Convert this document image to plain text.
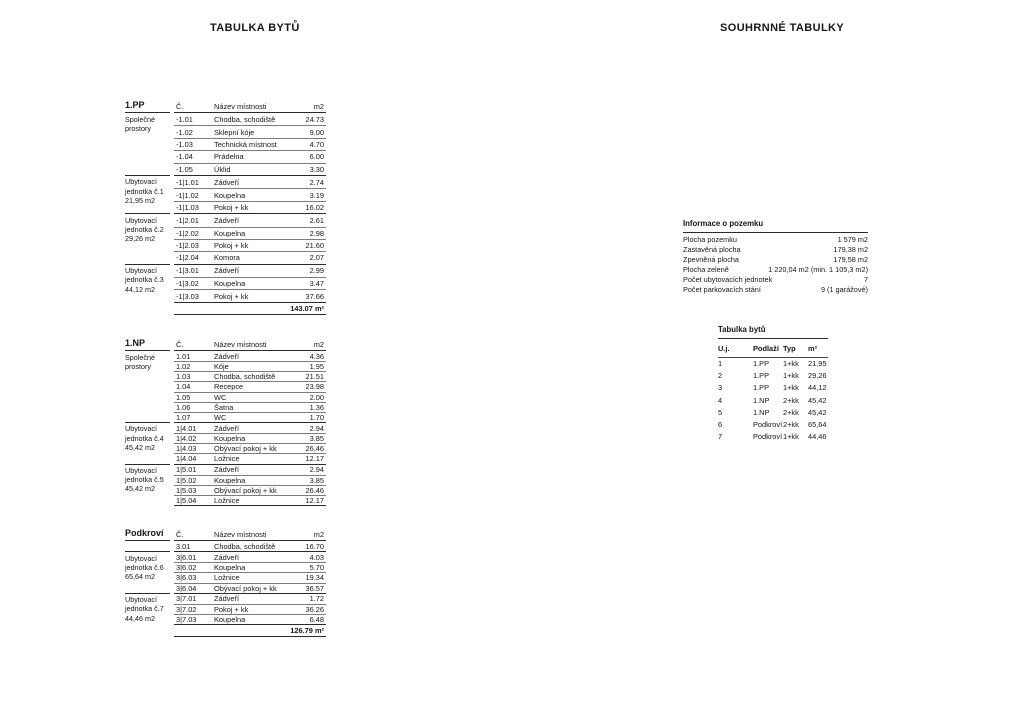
TABULKA BYTŮ	SOUHRNNÉ TABULKY
1.PP	Č.	Název místnosti	m2
Společné prostory
-1.01	Chodba, schodiště	24.73
-1.02	Sklepní kóje	9.00
-1.03	Technická místnost	4.70
-1.04	Prádelna	6.00
-1.05	Úklid	3.30
Ubytovací jednotka č.1 21,95 m2
-1|1.01	Zádveří	2.74
-1|1.02	Koupelna	3.19
-1|1.03	Pokoj + kk	16.02
Ubytovací jednotka č.2 29,26 m2
-1|2.01	Zádveří	2.61
-1|2.02	Koupelna	2.98
-1|2.03	Pokoj + kk	21.60
-1|2.04	Komora	2.07
Ubytovací jednotka č.3 44,12 m2
-1|3.01	Zádveří	2.99
-1|3.02	Koupelna	3.47
-1|3.03	Pokoj + kk	37.66
143.07 m²
1.NP	Č.	Název místnosti	m2
Společné prostory
1.01	Zádveří	4.36
1.02	Kóje	1.95
1.03	Chodba, schodiště	21.51
1.04	Recepce	23.98
1.05	WC	2.00
1.06	Šatna	1.36
1.07	WC	1.70
Ubytovací jednotka č.4 45,42 m2
1|4.01	Zádveří	2.94
1|4.02	Koupelna	3.85
1|4.03	Obývací pokoj + kk	26.46
1|4.04	Ložnice	12.17
Ubytovací jednotka č.5 45,42 m2
1|5.01	Zádveří	2.94
1|5.02	Koupelna	3.85
1|5.03	Obývací pokoj + kk	26.46
1|5.04	Ložnice	12.17
Podkroví	Č.	Název místnosti	m2
3.01	Chodba, schodiště	16.70
Ubytovací jednotka č.6 65,64 m2
3|6.01	Zádveří	4.03
3|6.02	Koupelna	5.70
3|6.03	Ložnice	19.34
3|6.04	Obývací pokoj + kk	36.57
Ubytovací jednotka č.7 44,46 m2
3|7.01	Zádveří	1.72
3|7.02	Pokoj + kk	36.26
3|7.03	Koupelna	6.48
126.79 m²
Informace o pozemku
Plocha pozemku	1 579 m2
Zastavěná plocha	179,38 m2
Zpevněná plocha	179,58 m2
Plocha zeleně	1 220,04 m2 (min. 1 105,3 m2)
Počet ubytovacích jednotek	7
Počet parkovacích stání	9 (1 garážové)
Tabulka bytů
U.j.	Podlaží Typ	m²
1	1.PP	1+kk	21,95
2	1.PP	1+kk	29,26
3	1.PP	1+kk	44,12
4	1.NP	2+kk	45,42
5	1.NP	2+kk	45,42
6	Podkroví 2+kk	65,64
7	Podkroví 1+kk	44,46
